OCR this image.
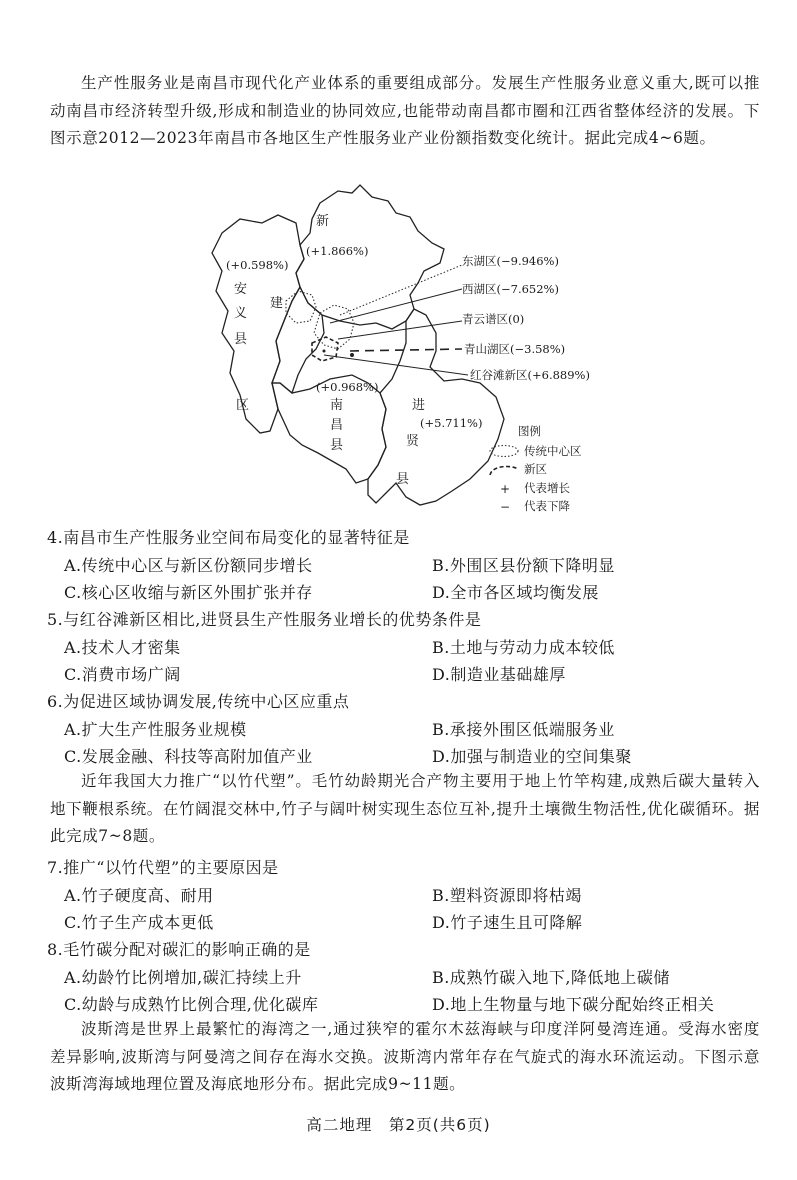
生产性服务业是南昌市现代化产业体系的重要组成部分。发展生产性服务业意义重大,既可以推动南昌市经济转型升级,形成和制造业的协同效应,也能带动南昌都市圈和江西省整体经济的发展。下图示意2012—2023年南昌市各地区生产性服务业产业份额指数变化统计。据此完成4~6题。
新
建
(+1.866%)
(+0.598%)
安
义
县
区
(+0.968%)
南
昌
县
进
(+5.711%)
贤
县
东湖区(−9.946%)
西湖区(−7.652%)
青云谱区(0)
青山湖区(−3.58%)
红谷滩新区(+6.889%)
图例
传统中心区
新区
+ 代表增长
− 代表下降
4.南昌市生产性服务业空间布局变化的显著特征是
A.传统中心区与新区份额同步增长	B.外围区县份额下降明显
C.核心区收缩与新区外围扩张并存	D.全市各区域均衡发展
5.与红谷滩新区相比,进贤县生产性服务业增长的优势条件是
A.技术人才密集	B.土地与劳动力成本较低
C.消费市场广阔	D.制造业基础雄厚
6.为促进区域协调发展,传统中心区应重点
A.扩大生产性服务业规模	B.承接外围区低端服务业
C.发展金融、科技等高附加值产业	D.加强与制造业的空间集聚
近年我国大力推广“以竹代塑”。毛竹幼龄期光合产物主要用于地上竹竿构建,成熟后碳大量转入地下鞭根系统。在竹阔混交林中,竹子与阔叶树实现生态位互补,提升土壤微生物活性,优化碳循环。据此完成7~8题。
7.推广“以竹代塑”的主要原因是
A.竹子硬度高、耐用	B.塑料资源即将枯竭
C.竹子生产成本更低	D.竹子速生且可降解
8.毛竹碳分配对碳汇的影响正确的是
A.幼龄竹比例增加,碳汇持续上升	B.成熟竹碳入地下,降低地上碳储
C.幼龄与成熟竹比例合理,优化碳库	D.地上生物量与地下碳分配始终正相关
波斯湾是世界上最繁忙的海湾之一,通过狭窄的霍尔木兹海峡与印度洋阿曼湾连通。受海水密度差异影响,波斯湾与阿曼湾之间存在海水交换。波斯湾内常年存在气旋式的海水环流运动。下图示意波斯湾海域地理位置及海底地形分布。据此完成9~11题。
高二地理　第2页(共6页)
